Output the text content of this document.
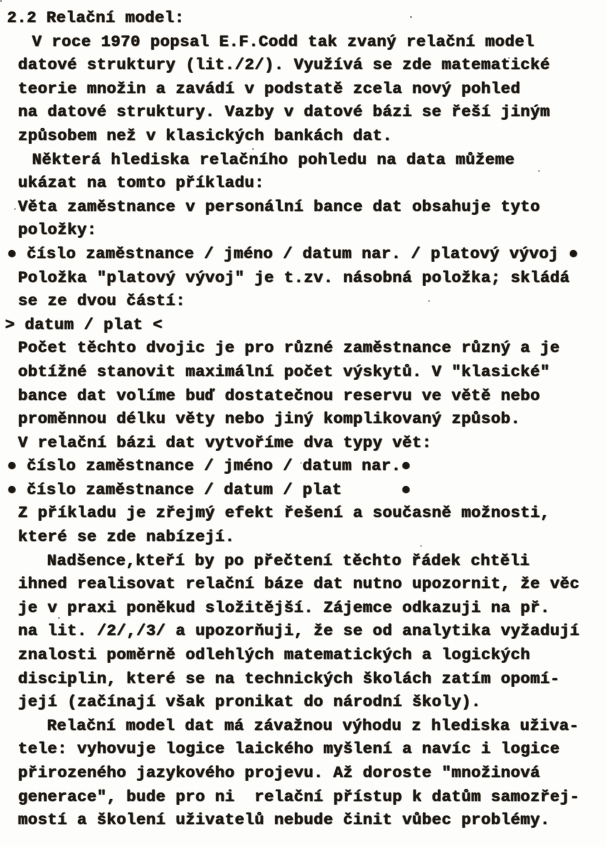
2.2 Relační model:
V roce 1970 popsal E.F.Codd tak zvaný relační model
datové struktury (lit./2/). Využívá se zde matematické
teorie množin a zavádí v podstatě zcela nový pohled
na datové struktury. Vazby v datové bázi se řeší jiným
způsobem než v klasických bankách dat.
Některá hlediska relačního pohledu na data můžeme
ukázat na tomto příkladu:
Věta zaměstnance v personální bance dat obsahuje tyto
položky:
● číslo zaměstnance / jméno / datum nar. / platový vývoj ●
Položka "platový vývoj" je t.zv. násobná položka; skládá
se ze dvou částí:
> datum / plat <
Počet těchto dvojic je pro různé zaměstnance různý a je
obtížné stanovit maximální počet výskytů. V "klasické"
bance dat volíme buď dostatečnou reservu ve větě nebo
proměnnou délku věty nebo jiný komplikovaný způsob.
V relační bázi dat vytvoříme dva typy vět:
● číslo zaměstnance / jméno / datum nar.●
● číslo zaměstnance / datum / plat      ●
Z příkladu je zřejmý efekt řešení a současně možnosti,
které se zde nabízejí.
Nadšence,kteří by po přečtení těchto řádek chtěli
ihned realisovat relační báze dat nutno upozornit, že věc
je v praxi poněkud složitější. Zájemce odkazuji na př.
na lit. /2/,/3/ a upozorňuji, že se od analytika vyžadují
znalosti poměrně odlehlých matematických a logických
disciplin, které se na technických školách zatím opomí-
její (začínají však pronikat do národní školy).
Relační model dat má závažnou výhodu z hlediska uživa-
tele: vyhovuje logice laického myšlení a navíc i logice
přirozeného jazykového projevu. Až doroste "množinová
generace", bude pro ni  relační přístup k datům samozřej-
mostí a školení uživatelů nebude činit vůbec problémy.
